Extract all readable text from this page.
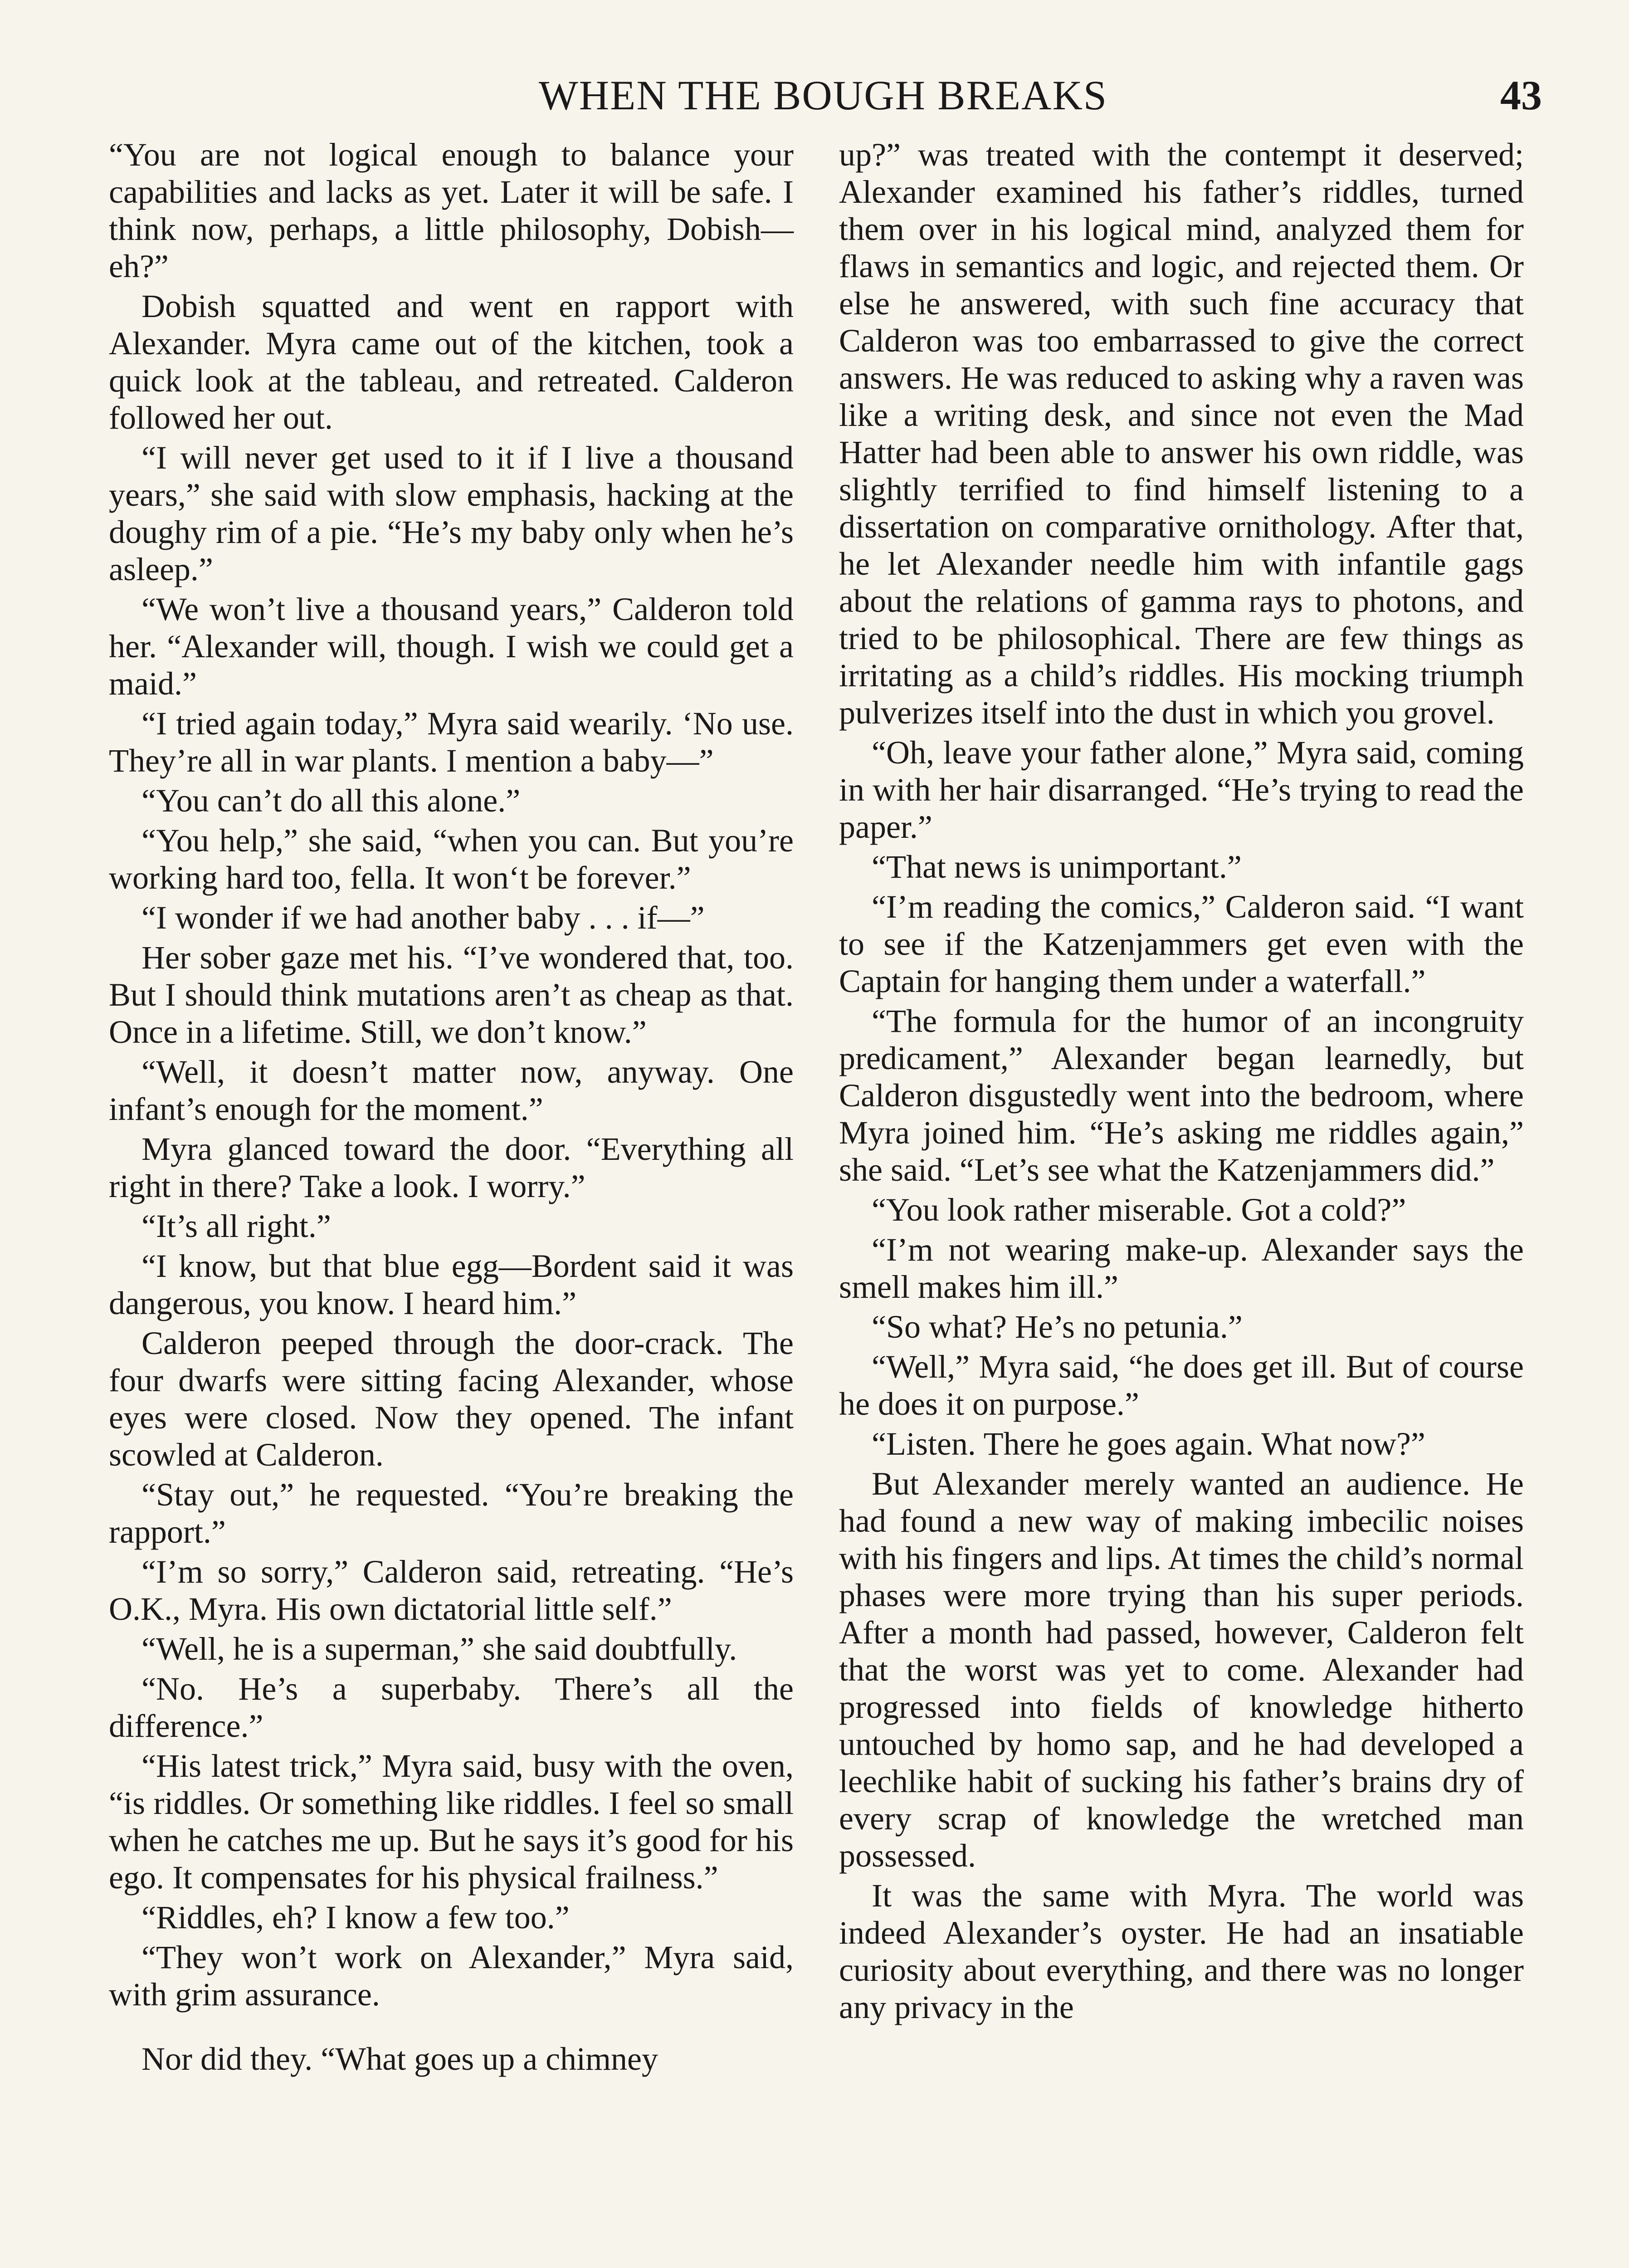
WHEN THE BOUGH BREAKS	43

“You are not logical enough to balance your capabilities and lacks as yet. Later it will be safe. I think now, perhaps, a little philosophy, Dobish—eh?”

Dobish squatted and went en rapport with Alexander. Myra came out of the kitchen, took a quick look at the tableau, and retreated. Calderon followed her out.

“I will never get used to it if I live a thousand years,” she said with slow emphasis, hacking at the doughy rim of a pie. “He’s my baby only when he’s asleep.”

“We won’t live a thousand years,” Calderon told her. “Alexander will, though. I wish we could get a maid.”

“I tried again today,” Myra said wearily. ‘No use. They’re all in war plants. I mention a baby—”

“You can’t do all this alone.”

“You help,” she said, “when you can. But you’re working hard too, fella. It won‘t be forever.”

“I wonder if we had another baby . . . if—”

Her sober gaze met his. “I’ve wondered that, too. But I should think mutations aren’t as cheap as that. Once in a lifetime. Still, we don’t know.”

“Well, it doesn’t matter now, anyway. One infant’s enough for the moment.”

Myra glanced toward the door. “Everything all right in there? Take a look. I worry.”

“It’s all right.”

“I know, but that blue egg—Bordent said it was dangerous, you know. I heard him.”

Calderon peeped through the door-crack. The four dwarfs were sitting facing Alexander, whose eyes were closed. Now they opened. The infant scowled at Calderon.

“Stay out,” he requested. “You’re breaking the rapport.”

“I’m so sorry,” Calderon said, retreating. “He’s O.K., Myra. His own dictatorial little self.”

“Well, he is a superman,” she said doubtfully.

“No. He’s a superbaby. There’s all the difference.”

“His latest trick,” Myra said, busy with the oven, “is riddles. Or something like riddles. I feel so small when he catches me up. But he says it’s good for his ego. It compensates for his physical frailness.”

“Riddles, eh? I know a few too.”

“They won’t work on Alexander,” Myra said, with grim assurance.

Nor did they. “What goes up a chimney

up?” was treated with the contempt it deserved; Alexander examined his father’s riddles, turned them over in his logical mind, analyzed them for flaws in semantics and logic, and rejected them. Or else he answered, with such fine accuracy that Calderon was too embarrassed to give the correct answers. He was reduced to asking why a raven was like a writing desk, and since not even the Mad Hatter had been able to answer his own riddle, was slightly terrified to find himself listening to a dissertation on comparative ornithology. After that, he let Alexander needle him with infantile gags about the relations of gamma rays to photons, and tried to be philosophical. There are few things as irritating as a child’s riddles. His mocking triumph pulverizes itself into the dust in which you grovel.

“Oh, leave your father alone,” Myra said, coming in with her hair disarranged. “He’s trying to read the paper.”

“That news is unimportant.”

“I’m reading the comics,” Calderon said. “I want to see if the Katzenjammers get even with the Captain for hanging them under a waterfall.”

“The formula for the humor of an incongruity predicament,” Alexander began learnedly, but Calderon disgustedly went into the bedroom, where Myra joined him. “He’s asking me riddles again,” she said. “Let’s see what the Katzenjammers did.”

“You look rather miserable. Got a cold?”

“I’m not wearing make-up. Alexander says the smell makes him ill.”

“So what? He’s no petunia.”

“Well,” Myra said, “he does get ill. But of course he does it on purpose.”

“Listen. There he goes again. What now?”

But Alexander merely wanted an audience. He had found a new way of making imbecilic noises with his fingers and lips. At times the child’s normal phases were more trying than his super periods. After a month had passed, however, Calderon felt that the worst was yet to come. Alexander had progressed into fields of knowledge hitherto untouched by homo sap, and he had developed a leechlike habit of sucking his father’s brains dry of every scrap of knowledge the wretched man possessed.

It was the same with Myra. The world was indeed Alexander’s oyster. He had an insatiable curiosity about everything, and there was no longer any privacy in the
